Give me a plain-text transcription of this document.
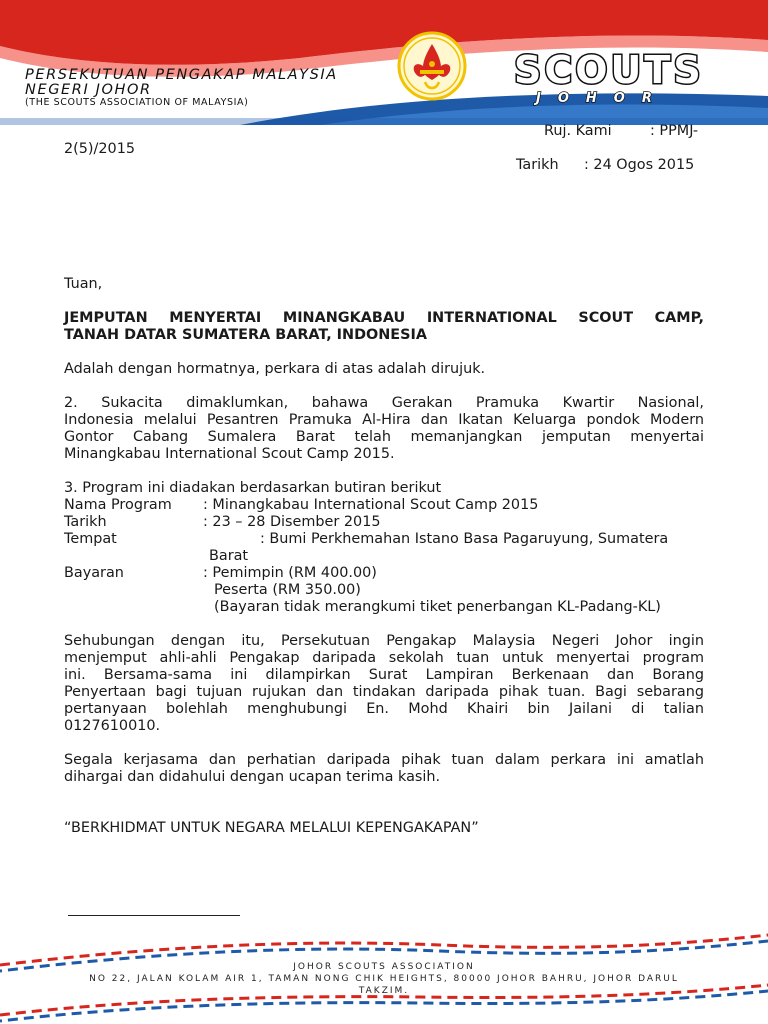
PERSEKUTUAN PENGAKAP MALAYSIA
NEGERI JOHOR
(THE SCOUTS ASSOCIATION OF MALAYSIA)
SCOUTS
JOHOR
Ruj. Kami	: PPMJ-
2(5)/2015
Tarikh : 24 Ogos 2015
Tuan,
JEMPUTAN MENYERTAI MINANGKABAU INTERNATIONAL SCOUT CAMP,
TANAH DATAR SUMATERA BARAT, INDONESIA
Adalah dengan hormatnya, perkara di atas adalah dirujuk.
2. Sukacita dimaklumkan, bahawa Gerakan Pramuka Kwartir Nasional,
Indonesia melalui Pesantren Pramuka Al-Hira dan Ikatan Keluarga pondok Modern
Gontor Cabang Sumalera Barat telah memanjangkan jemputan menyertai
Minangkabau International Scout Camp 2015.
3. Program ini diadakan berdasarkan butiran berikut
Nama Program : Minangkabau International Scout Camp 2015
Tarikh	: 23 – 28 Disember 2015
Tempat	: Bumi Perkhemahan Istano Basa Pagaruyung, Sumatera
Barat
Bayaran	: Pemimpin (RM 400.00)
Peserta (RM 350.00)
(Bayaran tidak merangkumi tiket penerbangan KL-Padang-KL)
Sehubungan dengan itu, Persekutuan Pengakap Malaysia Negeri Johor ingin
menjemput ahli-ahli Pengakap daripada sekolah tuan untuk menyertai program
ini. Bersama-sama ini dilampirkan Surat Lampiran Berkenaan dan Borang
Penyertaan bagi tujuan rujukan dan tindakan daripada pihak tuan. Bagi sebarang
pertanyaan bolehlah menghubungi En. Mohd Khairi bin Jailani di talian
0127610010.
Segala kerjasama dan perhatian daripada pihak tuan dalam perkara ini amatlah
dihargai dan didahului dengan ucapan terima kasih.
“BERKHIDMAT UNTUK NEGARA MELALUI KEPENGAKAPAN”
JOHOR SCOUTS ASSOCIATION
NO 22, JALAN KOLAM AIR 1, TAMAN NONG CHIK HEIGHTS, 80000 JOHOR BAHRU, JOHOR DARUL
TAKZIM.
